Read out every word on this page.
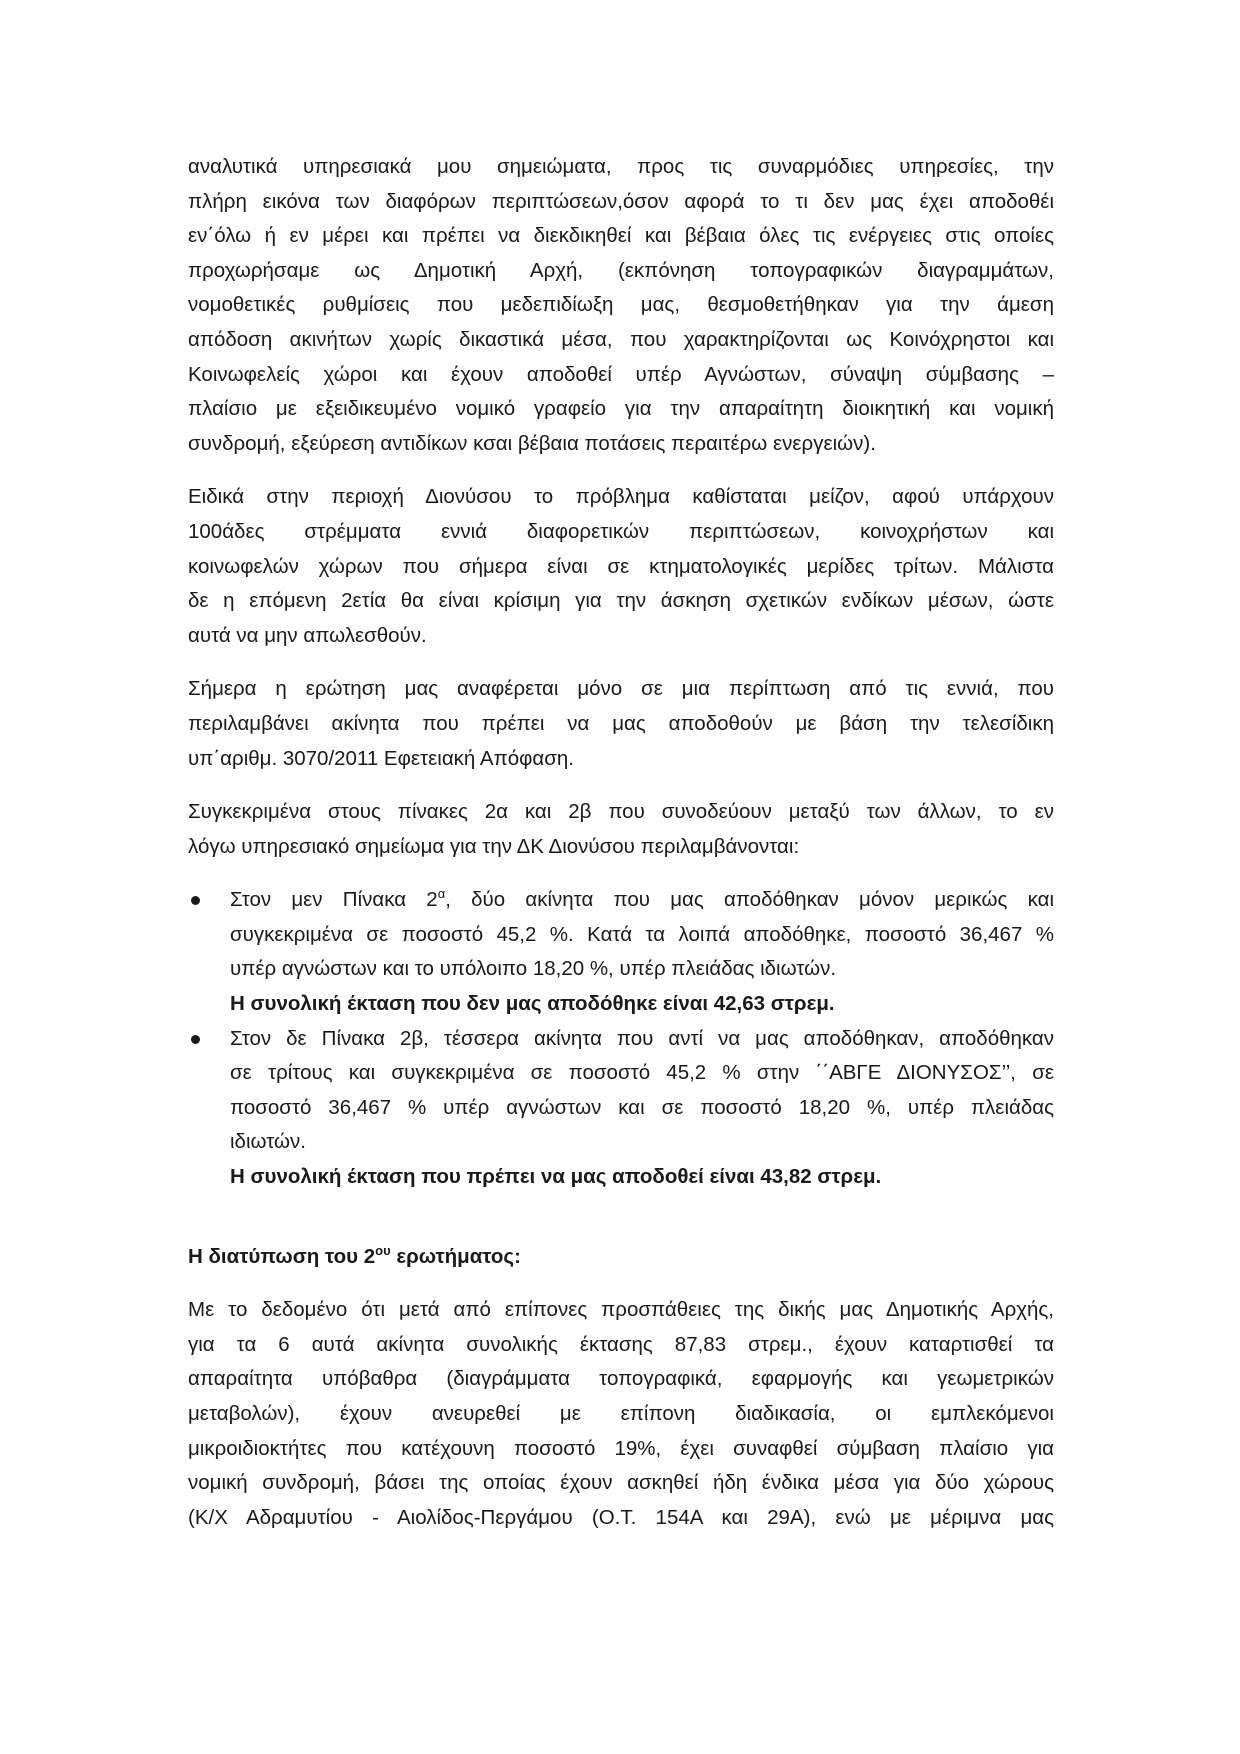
αναλυτικά υπηρεσιακά μου σημειώματα, προς τις συναρμόδιες υπηρεσίες, την
πλήρη εικόνα των διαφόρων περιπτώσεων,όσον αφορά το τι δεν μας έχει αποδοθέι
εν΄όλω ή εν μέρει και πρέπει να διεκδικηθεί και βέβαια όλες τις ενέργειες στις οποίες
προχωρήσαμε ως Δημοτική Αρχή, (εκπόνηση τοπογραφικών διαγραμμάτων,
νομοθετικές ρυθμίσεις που μεδεπιδίωξη μας, θεσμοθετήθηκαν για την άμεση
απόδοση ακινήτων χωρίς δικαστικά μέσα, που χαρακτηρίζονται ως Κοινόχρηστοι και
Κοινωφελείς χώροι και έχουν αποδοθεί υπέρ Αγνώστων, σύναψη σύμβασης –
πλαίσιο με εξειδικευμένο νομικό γραφείο για την απαραίτητη διοικητική και νομική
συνδρομή, εξεύρεση αντιδίκων κσαι βέβαια ποτάσεις περαιτέρω ενεργειών).
Ειδικά στην περιοχή Διονύσου το πρόβλημα καθίσταται μείζον, αφού υπάρχουν
100άδες στρέμματα εννιά διαφορετικών περιπτώσεων, κοινοχρήστων και
κοινωφελών χώρων που σήμερα είναι σε κτηματολογικές μερίδες τρίτων. Μάλιστα
δε η επόμενη 2ετία θα είναι κρίσιμη για την άσκηση σχετικών ενδίκων μέσων, ώστε
αυτά να μην απωλεσθούν.
Σήμερα η ερώτηση μας αναφέρεται μόνο σε μια περίπτωση από τις εννιά, που
περιλαμβάνει ακίνητα που πρέπει να μας αποδοθούν με βάση την τελεσίδικη
υπ΄αριθμ. 3070/2011 Εφετειακή Απόφαση.
Συγκεκριμένα στους πίνακες 2α και 2β που συνοδεύουν μεταξύ των άλλων, το εν
λόγω υπηρεσιακό σημείωμα για την ΔΚ Διονύσου περιλαμβάνονται:
Στον μεν Πίνακα $2^\alpha$, δύο ακίνητα που μας αποδόθηκαν μόνον μερικώς και
συγκεκριμένα σε ποσοστό 45,2 %. Κατά τα λοιπά αποδόθηκε, ποσοστό 36,467 %
υπέρ αγνώστων και το υπόλοιπο 18,20 %, υπέρ πλειάδας ιδιωτών.
Η συνολική έκταση που δεν μας αποδόθηκε είναι 42,63 στρεμ.
Στον δε Πίνακα 2β, τέσσερα ακίνητα που αντί να μας αποδόθηκαν, αποδόθηκαν
σε τρίτους και συγκεκριμένα σε ποσοστό 45,2 % στην ΄΄ΑΒΓΕ ΔΙΟΝΥΣΟΣ’’, σε
ποσοστό 36,467 % υπέρ αγνώστων και σε ποσοστό 18,20 %, υπέρ πλειάδας
ιδιωτών.
Η συνολική έκταση που πρέπει να μας αποδοθεί είναι 43,82 στρεμ.
Η διατύπωση του $2^{o\upsilon}$ ερωτήματος:
Με το δεδομένο ότι μετά από επίπονες προσπάθειες της δικής μας Δημοτικής Αρχής,
για τα 6 αυτά ακίνητα συνολικής έκτασης 87,83 στρεμ., έχουν καταρτισθεί τα
απαραίτητα υπόβαθρα (διαγράμματα τοπογραφικά, εφαρμογής και γεωμετρικών
μεταβολών), έχουν ανευρεθεί με επίπονη διαδικασία, οι εμπλεκόμενοι
μικροιδιοκτήτες που κατέχουνη ποσοστό 19%, έχει συναφθεί σύμβαση πλαίσιο για
νομική συνδρομή, βάσει της οποίας έχουν ασκηθεί ήδη ένδικα μέσα για δύο χώρους
(Κ/Χ Αδραμυτίου - Αιολίδος-Περγάμου (Ο.Τ. 154Α και 29Α), ενώ με μέριμνα μας
